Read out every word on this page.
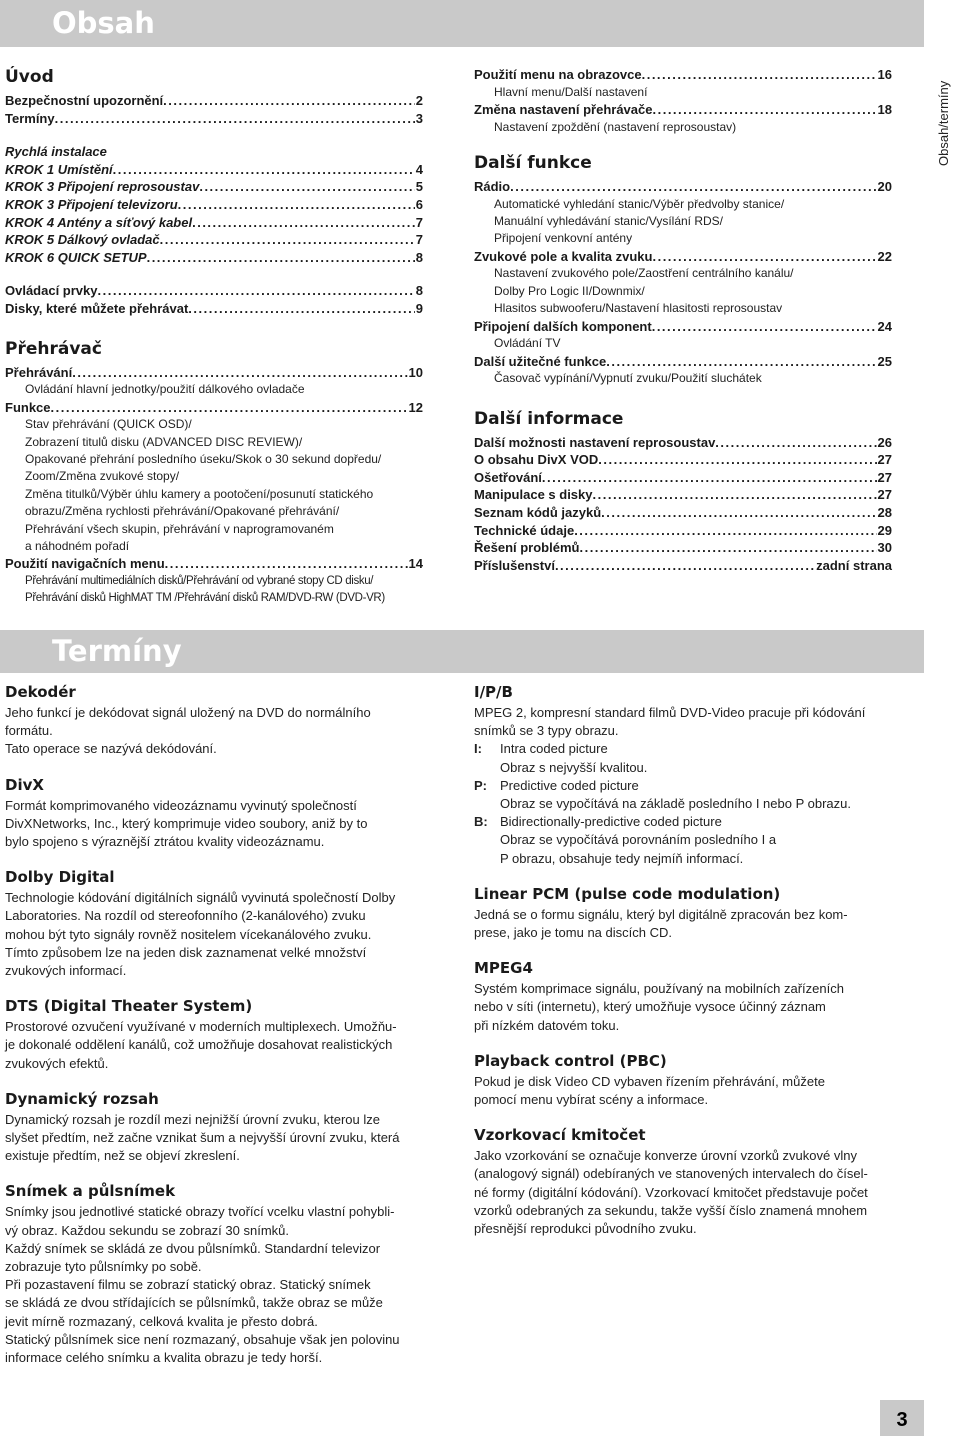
Obsah
Obsah/termíny
Úvod
Bezpečnostní upozornění .....	2
Termíny .....	3
Rychlá instalace
KROK 1 Umístění .....	4
KROK 3 Připojení reprosoustav .....	5
KROK 3 Připojení televizoru .....	6
KROK 4 Antény a síťový kabel .....	7
KROK 5 Dálkový ovladač .....	7
KROK 6 QUICK SETUP .....	8
Ovládací prvky .....	8
Disky, které můžete přehrávat .....	9
Přehrávač
Přehrávání .....	10
Ovládání hlavní jednotky/použití dálkového ovladače
Funkce .....	12
Stav přehrávání (QUICK OSD)/
Zobrazení titulů disku (ADVANCED DISC REVIEW)/
Opakované přehrání posledního úseku/Skok o 30 sekund dopředu/
Zoom/Změna zvukové stopy/
Změna titulků/Výběr úhlu kamery a pootočení/posunutí statického
obrazu/Změna rychlosti přehrávání/Opakované přehrávání/
Přehrávání všech skupin, přehrávání v naprogramovaném
a náhodném pořadí
Použití navigačních menu .....	14
Přehrávání multimediálních disků/Přehrávání od vybrané stopy CD disku/
Přehrávání disků HighMAT TM /Přehrávání disků RAM/DVD-RW (DVD-VR)
Použití menu na obrazovce .....	16
Hlavní menu/Další nastavení
Změna nastavení přehrávače .....	18
Nastavení zpoždění (nastavení reprosoustav)
Další funkce
Rádio .....	20
Automatické vyhledání stanic/Výběr předvolby stanice/
Manuální vyhledávání stanic/Vysílání RDS/
Připojení venkovní antény
Zvukové pole a kvalita zvuku .....	22
Nastavení zvukového pole/Zaostření centrálního kanálu/
Dolby Pro Logic II/Downmix/
Hlasitos subwooferu/Nastavení hlasitosti reprosoustav
Připojení dalších komponent .....	24
Ovládání TV
Další užitečné funkce .....	25
Časovač vypínání/Vypnutí zvuku/Použití sluchátek
Další informace
Další možnosti nastavení reprosoustav .....	26
O obsahu DivX VOD .....	27
Ošetřování .....	27
Manipulace s disky .....	27
Seznam kódů jazyků .....	28
Technické údaje .....	29
Řešení problémů .....	30
Příslušenství .....	zadní strana
Termíny
Dekodér

Jeho funkcí je dekódovat signál uložený na DVD do normálního

formátu.

Tato operace se nazývá dekódování.

DivX

Formát komprimovaného videozáznamu vyvinutý společností

DivXNetworks, Inc., který komprimuje video soubory, aniž by to

bylo spojeno s výraznější ztrátou kvality videozáznamu.

Dolby Digital

Technologie kódování digitálních signálů vyvinutá společností Dolby

Laboratories. Na rozdíl od stereofonního (2-kanálového) zvuku

mohou být tyto signály rovněž nositelem vícekanálového zvuku.

Tímto způsobem lze na jeden disk zaznamenat velké množství

zvukových informací.

DTS (Digital Theater System)

Prostorové ozvučení využívané v moderních multiplexech. Umožňu-

je dokonalé oddělení kanálů, což umožňuje dosahovat realistických

zvukových efektů.

Dynamický rozsah

Dynamický rozsah je rozdíl mezi nejnižší úrovní zvuku, kterou lze

slyšet předtím, než začne vznikat šum a nejvyšší úrovní zvuku, která

existuje předtím, než se objeví zkreslení.

Snímek a půlsnímek

Snímky jsou jednotlivé statické obrazy tvořící vcelku vlastní pohybli-

vý obraz. Každou sekundu se zobrazí 30 snímků.

Každý snímek se skládá ze dvou půlsnímků. Standardní televizor

zobrazuje tyto půlsnímky po sobě.

Při pozastavení filmu se zobrazí statický obraz. Statický snímek

se skládá ze dvou střídajících se půlsnímků, takže obraz se může

jevit mírně rozmazaný, celková kvalita je přesto dobrá.

Statický půlsnímek sice není rozmazaný, obsahuje však jen polovinu

informace celého snímku a kvalita obrazu je tedy horší.

I/P/B

MPEG 2, kompresní standard filmů DVD-Video pracuje při kódování

snímků se 3 typy obrazu.

I:	Intra coded picture

Obraz s nejvyšší kvalitou.

P:	Predictive coded picture

Obraz se vypočítává na základě posledního I nebo P obrazu.

B: Bidirectionally-predictive coded picture

Obraz se vypočítává porovnáním posledního I a

P obrazu, obsahuje tedy nejmíň informací.

Linear PCM (pulse code modulation)

Jedná se o formu signálu, který byl digitálně zpracován bez kom-

prese, jako je tomu na discích CD.

MPEG4

Systém komprimace signálu, používaný na mobilních zařízeních

nebo v síti (internetu), který umožňuje vysoce účinný záznam

při nízkém datovém toku.

Playback control (PBC)

Pokud je disk Video CD vybaven řízením přehrávání, můžete

pomocí menu vybírat scény a informace.

Vzorkovací kmitočet

Jako vzorkování se označuje konverze úrovní vzorků zvukové vlny

(analogový signál) odebíraných ve stanovených intervalech do čísel-

né formy (digitální kódování). Vzorkovací kmitočet představuje počet

vzorků odebraných za sekundu, takže vyšší číslo znamená mnohem

přesnější reprodukci původního zvuku.

3
